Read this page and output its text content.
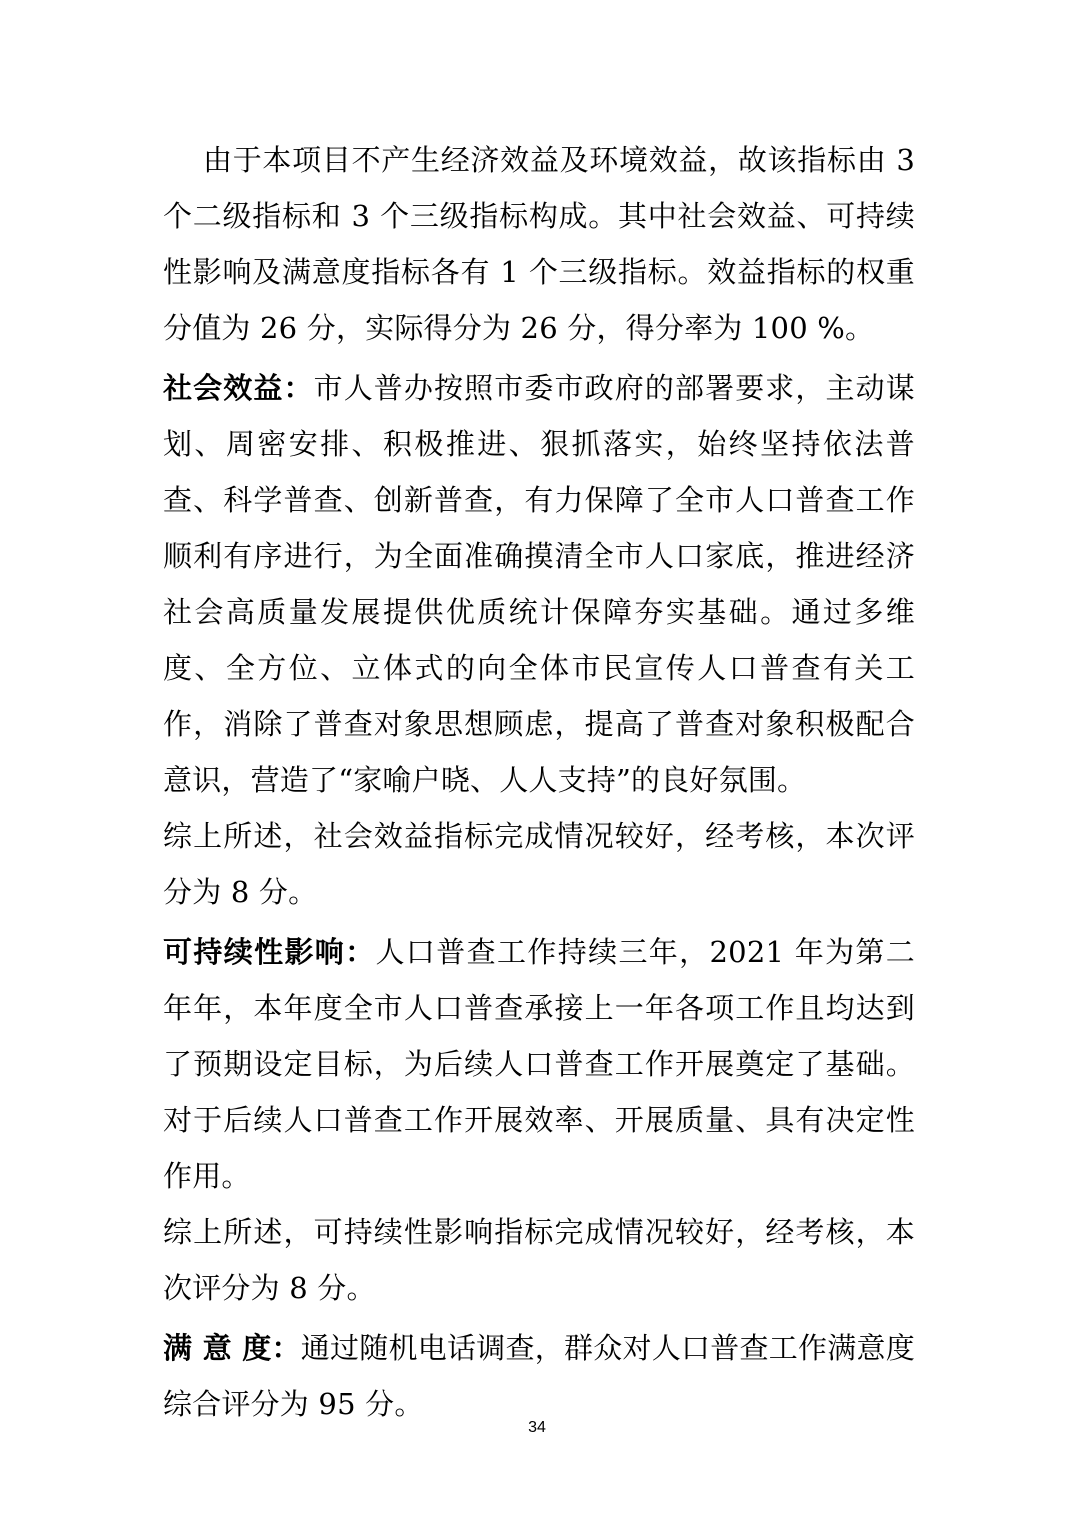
由于本项目不产生经济效益及环境效益，故该指标由 3 个二级指标和 3 个三级指标构成。其中社会效益、可持续性影响及满意度指标各有 1 个三级指标。效益指标的权重分值为 26 分，实际得分为 26 分，得分率为 100 %。

社会效益：市人普办按照市委市政府的部署要求，主动谋划、周密安排、积极推进、狠抓落实，始终坚持依法普查、科学普查、创新普查，有力保障了全市人口普查工作顺利有序进行，为全面准确摸清全市人口家底，推进经济社会高质量发展提供优质统计保障夯实基础。通过多维度、全方位、立体式的向全体市民宣传人口普查有关工作，消除了普查对象思想顾虑，提高了普查对象积极配合意识，营造了“家喻户晓、人人支持”的良好氛围。

综上所述，社会效益指标完成情况较好，经考核，本次评分为 8 分。

可持续性影响：人口普查工作持续三年，2021 年为第二年年，本年度全市人口普查承接上一年各项工作且均达到了预期设定目标，为后续人口普查工作开展奠定了基础。对于后续人口普查工作开展效率、开展质量、具有决定性作用。

综上所述，可持续性影响指标完成情况较好，经考核，本次评分为 8 分。

满 意 度：通过随机电话调查，群众对人口普查工作满意度综合评分为 95 分。

34
